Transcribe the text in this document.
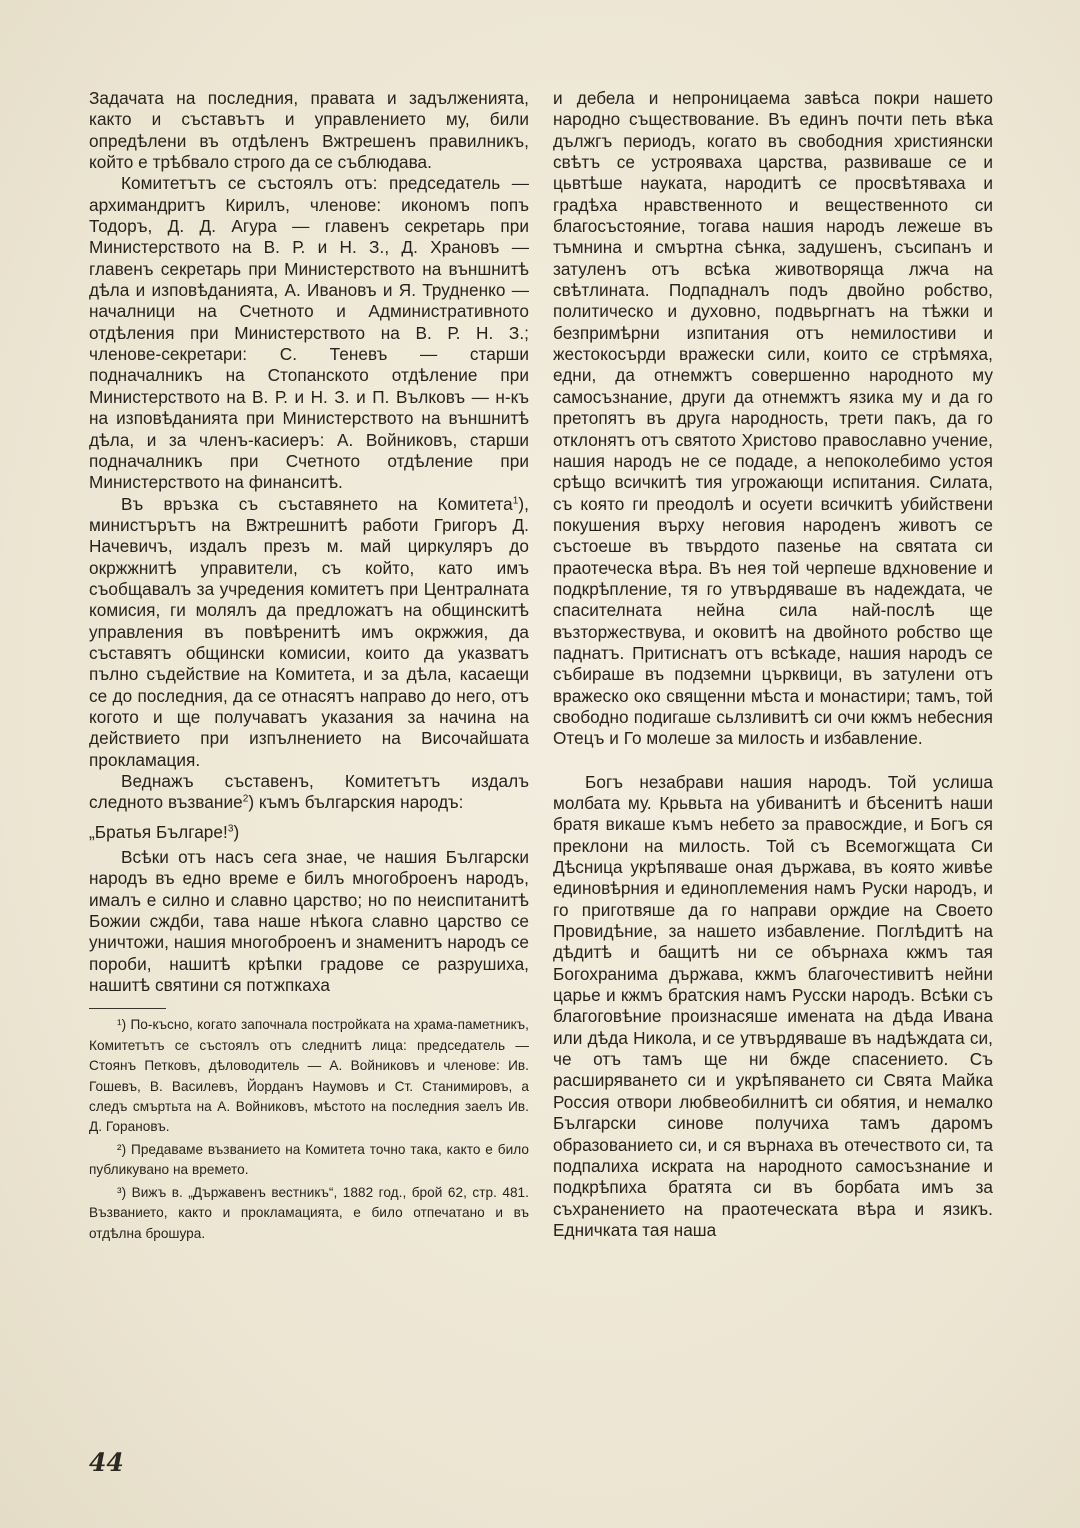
Задачата на последния, правата и задълженията, както и съставътъ и управлението му, били опредѣлени въ отдѣленъ Вжтрешенъ правилникъ, който е трѣбвало строго да се съблюдава.

Комитетътъ се състоялъ отъ: председатель — архимандритъ Кирилъ, членове: икономъ попъ Тодоръ, Д. Д. Агура — главенъ секретарь при Министерството на В. Р. и Н. З., Д. Храновъ — главенъ секретарь при Министерството на външнитѣ дѣла и изповѣданията, А. Ивановъ и Я. Трудненко — началници на Счетното и Административното отдѣления при Министерството на В. Р. Н. З.; членове-секретари: С. Теневъ — старши подначалникъ на Стопанското отдѣление при Министерството на В. Р. и Н. З. и П. Вълковъ — н-къ на изповѣданията при Министерството на външнитѣ дѣла, и за членъ-касиеръ: А. Войниковъ, старши подначалникъ при Счетното отдѣление при Министерството на финанситѣ.

Въ връзка съ съставянето на Комитета$^1$), министърътъ на Вжтрешнитѣ работи Григоръ Д. Начевичъ, издалъ презъ м. май циркуляръ до окржжнитѣ управители, съ който, като имъ съобщавалъ за учредения комитетъ при Централната комисия, ги молялъ да предложатъ на общинскитѣ управления въ повѣренитѣ имъ окржжия, да съставятъ общински комисии, които да указватъ пълно съдействие на Комитета, и за дѣла, касаещи се до последния, да се отнасятъ направо до него, отъ когото и ще получаватъ указания за начина на действието при изпълнението на Височайшата прокламация.

Веднажъ съставенъ, Комитетътъ издалъ следното възвание$^2$) къмъ българския народъ:

„Братья Българе!$^3$)

Всѣки отъ насъ сега знае, че нашия Български народъ въ едно време е билъ многоброенъ народъ, ималъ е силно и славно царство; но по неиспитанитѣ Божии сждби, тава наше нѣкога славно царство се уничтожи, нашия многоброенъ и знаменитъ народъ се пороби, нашитѣ крѣпки градове се разрушиха, нашитѣ святини ся потжпкаха

¹) По-късно, когато започнала постройката на храма-паметникъ, Комитетътъ се състоялъ отъ следнитѣ лица: председатель — Стоянъ Петковъ, дѣловодитель — А. Войниковъ и членове: Ив. Гошевъ, В. Василевъ, Йорданъ Наумовъ и Ст. Станимировъ, а следъ смъртьта на А. Войниковъ, мѣстото на последния заелъ Ив. Д. Горановъ.

²) Предаваме възванието на Комитета точно така, както е било публикувано на времето.

³) Вижъ в. „Държавенъ вестникъ“, 1882 год., брой 62, стр. 481. Възванието, както и прокламацията, е било отпечатано и въ отдѣлна брошура.

и дебела и непроницаема завѣса покри нашето народно съществование. Въ единъ почти петь вѣка дължгъ периодъ, когато въ свободния християнски свѣтъ се устрояваха царства, развиваше се и цьвтѣше науката, народитѣ се просвѣтяваха и градѣха нравственното и вещественното си благосъстояние, тогава нашия народъ лежеше въ тъмнина и смъртна сѣнка, задушенъ, съсипанъ и затуленъ отъ всѣка животворяща лжча на свѣтлината. Подпадналъ подъ двойно робство, политическо и духовно, подвьргнатъ на тѣжки и безпримѣрни изпитания отъ немилостиви и жестокосърди вражески сили, които се стрѣмяха, едни, да отнемжтъ совершенно народното му самосъзнание, други да отнемжтъ язика му и да го претопятъ въ друга народность, трети пакъ, да го отклонятъ отъ святото Христово православно учение, нашия народъ не се подаде, а непоколебимо устоя срѣщо всичкитѣ тия угрожающи испитания. Силата, съ която ги преодолѣ и осуети всичкитѣ убийствени покушения върху неговия народенъ животъ се състоеше въ твърдото пазенье на святата си праотеческа вѣра. Въ нея той черпеше вдхновение и подкрѣпление, тя го утвърдяваше въ надеждата, че спасителната нейна сила най-послѣ ще възторжествува, и оковитѣ на двойното робство ще паднатъ. Притиснатъ отъ всѣкаде, нашия народъ се събираше въ подземни църквици, въ затулени отъ вражеско око священни мѣста и монастири; тамъ, той свободно подигаше сьлзливитѣ си очи кжмъ небесния Отецъ и Го молеше за милость и избавление.

Богъ незабрави нашия народъ. Той услиша молбата му. Крьвьта на убиванитѣ и бѣсенитѣ наши братя викаше къмъ небето за правосждие, и Богъ ся преклони на милость. Той съ Всемогжщата Си Дѣсница укрѣпяваше оная държава, въ която живѣе единовѣрния и единоплемения намъ Руски народъ, и го приготвяше да го направи орждие на Своето Провидѣние, за нашето избавление. Поглѣдитѣ на дѣдитѣ и бащитѣ ни се обърнаха кжмъ тая Богохранима държава, кжмъ благочестивитѣ нейни царье и кжмъ братския намъ Русски народъ. Всѣки съ благоговѣние произнасяше имената на дѣда Ивана или дѣда Никола, и се утвърдяваше въ надѣждата си, че отъ тамъ ще ни бжде спасението. Съ расширяването си и укрѣпяването си Свята Майка Россия отвори любвеобилнитѣ си обятия, и немалко Български синове получиха тамъ даромъ образованието си, и ся върнаха въ отечеството си, та подпалиха искрата на народното самосъзнание и подкрѣпиха братята си въ борбата имъ за съхранението на праотеческата вѣра и язикъ. Едничката тая наша

44
